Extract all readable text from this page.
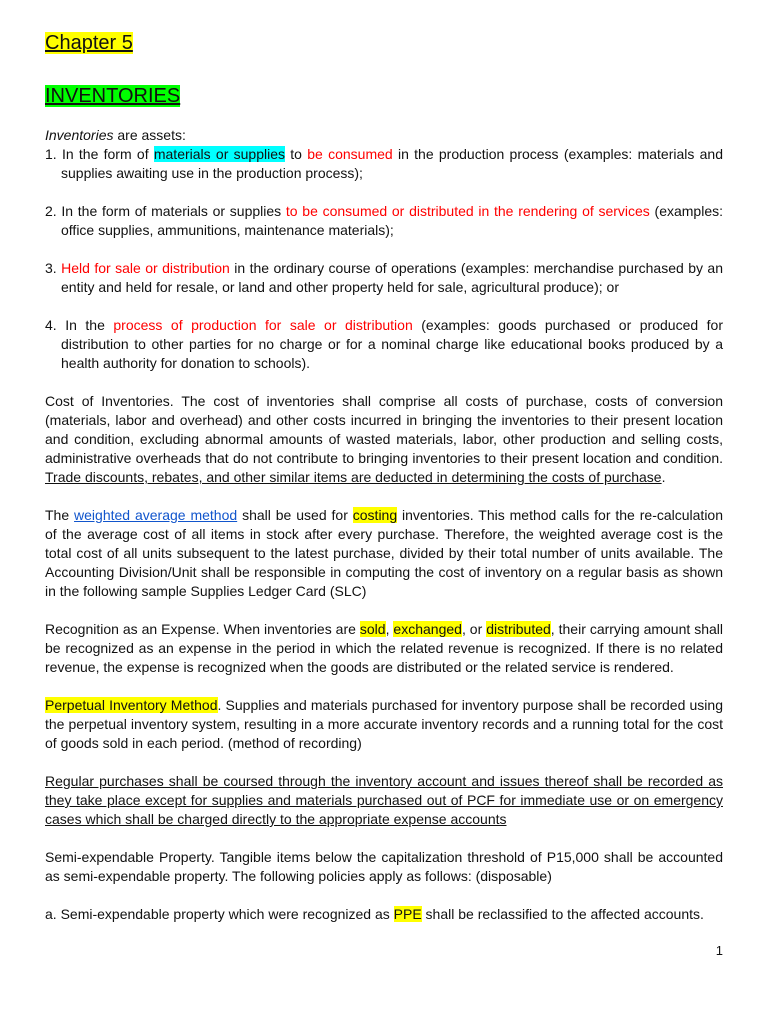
Chapter 5
INVENTORIES

Inventories are assets:

1. In the form of materials or supplies to be consumed in the production process (examples: materials and supplies awaiting use in the production process);

2. In the form of materials or supplies to be consumed or distributed in the rendering of services (examples: office supplies, ammunitions, maintenance materials);

3. Held for sale or distribution in the ordinary course of operations (examples: merchandise purchased by an entity and held for resale, or land and other property held for sale, agricultural produce); or

4. In the process of production for sale or distribution (examples: goods purchased or produced for distribution to other parties for no charge or for a nominal charge like educational books produced by a health authority for donation to schools).

Cost of Inventories. The cost of inventories shall comprise all costs of purchase, costs of conversion (materials, labor and overhead) and other costs incurred in bringing the inventories to their present location and condition, excluding abnormal amounts of wasted materials, labor, other production and selling costs, administrative overheads that do not contribute to bringing inventories to their present location and condition. Trade discounts, rebates, and other similar items are deducted in determining the costs of purchase.

The weighted average method shall be used for costing inventories. This method calls for the re-calculation of the average cost of all items in stock after every purchase. Therefore, the weighted average cost is the total cost of all units subsequent to the latest purchase, divided by their total number of units available. The Accounting Division/Unit shall be responsible in computing the cost of inventory on a regular basis as shown in the following sample Supplies Ledger Card (SLC)

Recognition as an Expense. When inventories are sold, exchanged, or distributed, their carrying amount shall be recognized as an expense in the period in which the related revenue is recognized. If there is no related revenue, the expense is recognized when the goods are distributed or the related service is rendered.

Perpetual Inventory Method. Supplies and materials purchased for inventory purpose shall be recorded using the perpetual inventory system, resulting in a more accurate inventory records and a running total for the cost of goods sold in each period. (method of recording)

Regular purchases shall be coursed through the inventory account and issues thereof shall be recorded as they take place except for supplies and materials purchased out of PCF for immediate use or on emergency cases which shall be charged directly to the appropriate expense accounts

Semi-expendable Property. Tangible items below the capitalization threshold of P15,000 shall be accounted as semi-expendable property. The following policies apply as follows: (disposable)

a. Semi-expendable property which were recognized as PPE shall be reclassified to the affected accounts.

1
